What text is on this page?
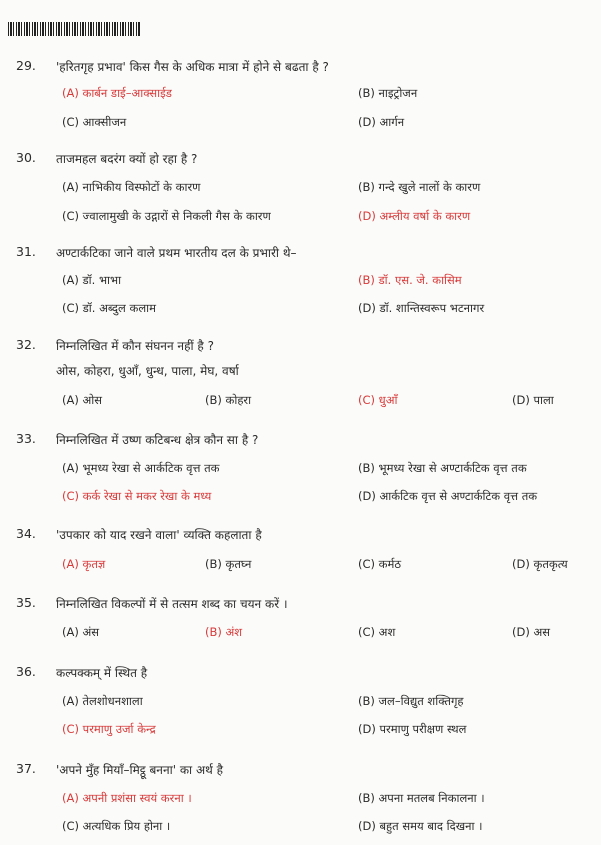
29. 'हरितगृह प्रभाव' किस गैस के अधिक मात्रा में होने से बढता है ?
(A) कार्बन डाई–आक्साईड	(B) नाइट्रोजन
(C) आक्सीजन	(D) आर्गन
30. ताजमहल बदरंग क्यों हो रहा है ?
(A) नाभिकीय विस्फोटों के कारण	(B) गन्दे खुले नालों के कारण
(C) ज्वालामुखी के उद्गारों से निकली गैस के कारण	(D) अम्लीय वर्षा के कारण
31. अण्टार्कटिका जाने वाले प्रथम भारतीय दल के प्रभारी थे–
(A) डॉ. भाभा	(B) डॉ. एस. जे. कासिम
(C) डॉ. अब्दुल कलाम	(D) डॉ. शान्तिस्वरूप भटनागर
32. निम्नलिखित में कौन संघनन नहीं है ?
ओस, कोहरा, धुआँ, धुन्ध, पाला, मेघ, वर्षा
(A) ओस	(B) कोहरा	(C) धुआँ	(D) पाला
33. निम्नलिखित में उष्ण कटिबन्ध क्षेत्र कौन सा है ?
(A) भूमध्य रेखा से आर्कटिक वृत्त तक	(B) भूमध्य रेखा से अण्टार्कटिक वृत्त तक
(C) कर्क रेखा से मकर रेखा के मध्य	(D) आर्कटिक वृत्त से अण्टार्कटिक वृत्त तक
34. 'उपकार को याद रखने वाला' व्यक्ति कहलाता है
(A) कृतज्ञ	(B) कृतघ्न	(C) कर्मठ	(D) कृतकृत्य
35. निम्नलिखित विकल्पों में से तत्सम शब्द का चयन करें ।
(A) अंस	(B) अंश	(C) अश	(D) अस
36. कल्पक्कम् में स्थित है
(A) तेलशोधनशाला	(B) जल–विद्युत शक्तिगृह
(C) परमाणु उर्जा केन्द्र	(D) परमाणु परीक्षण स्थल
37. 'अपने मुँह मियाँ–मिट्ठू बनना' का अर्थ है
(A) अपनी प्रशंसा स्वयं करना ।	(B) अपना मतलब निकालना ।
(C) अत्यधिक प्रिय होना ।	(D) बहुत समय बाद दिखना ।
